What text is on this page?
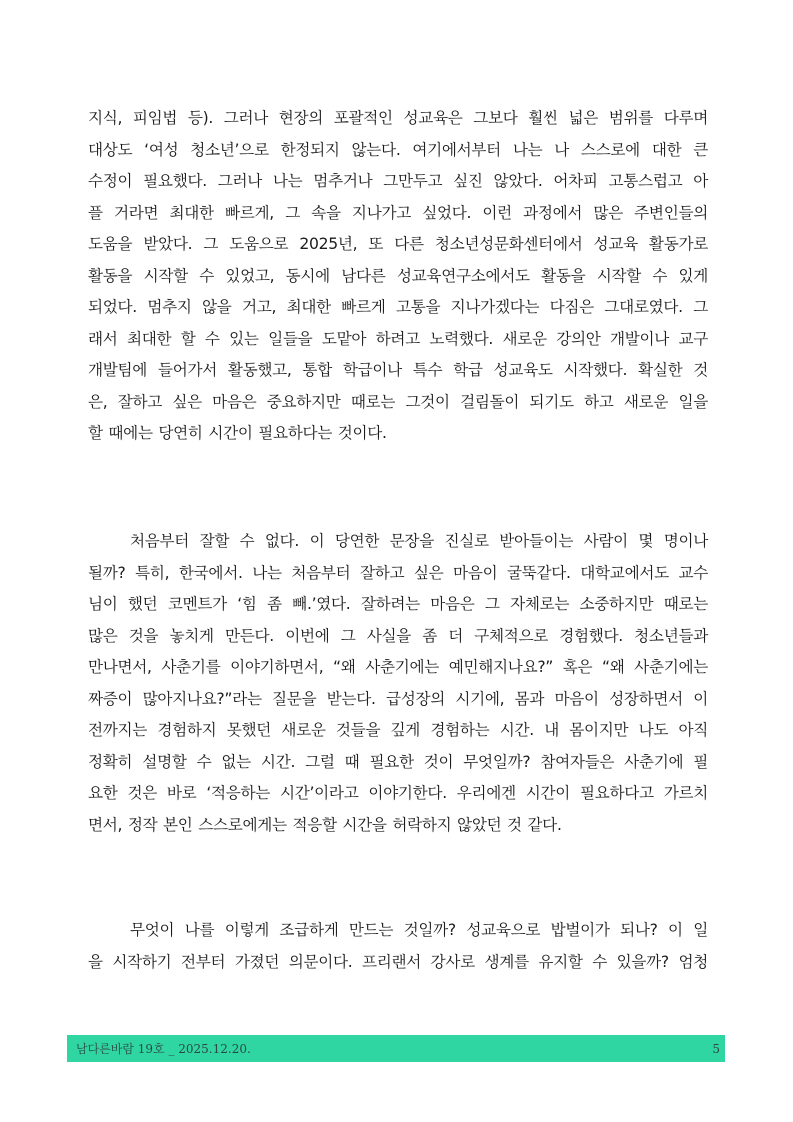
지식, 피임법 등). 그러나 현장의 포괄적인 성교육은 그보다 훨씬 넓은 범위를 다루며
대상도 ‘여성 청소년’으로 한정되지 않는다. 여기에서부터 나는 나 스스로에 대한 큰
수정이 필요했다. 그러나 나는 멈추거나 그만두고 싶진 않았다. 어차피 고통스럽고 아
플 거라면 최대한 빠르게, 그 속을 지나가고 싶었다. 이런 과정에서 많은 주변인들의
도움을 받았다. 그 도움으로 2025년, 또 다른 청소년성문화센터에서 성교육 활동가로
활동을 시작할 수 있었고, 동시에 남다른 성교육연구소에서도 활동을 시작할 수 있게
되었다. 멈추지 않을 거고, 최대한 빠르게 고통을 지나가겠다는 다짐은 그대로였다. 그
래서 최대한 할 수 있는 일들을 도맡아 하려고 노력했다. 새로운 강의안 개발이나 교구
개발팀에 들어가서 활동했고, 통합 학급이나 특수 학급 성교육도 시작했다. 확실한 것
은, 잘하고 싶은 마음은 중요하지만 때로는 그것이 걸림돌이 되기도 하고 새로운 일을
할 때에는 당연히 시간이 필요하다는 것이다.
처음부터 잘할 수 없다. 이 당연한 문장을 진실로 받아들이는 사람이 몇 명이나
될까? 특히, 한국에서. 나는 처음부터 잘하고 싶은 마음이 굴뚝같다. 대학교에서도 교수
님이 했던 코멘트가 ‘힘 좀 빼.’였다. 잘하려는 마음은 그 자체로는 소중하지만 때로는
많은 것을 놓치게 만든다. 이번에 그 사실을 좀 더 구체적으로 경험했다. 청소년들과
만나면서, 사춘기를 이야기하면서, “왜 사춘기에는 예민해지나요?” 혹은 “왜 사춘기에는
짜증이 많아지나요?”라는 질문을 받는다. 급성장의 시기에, 몸과 마음이 성장하면서 이
전까지는 경험하지 못했던 새로운 것들을 깊게 경험하는 시간. 내 몸이지만 나도 아직
정확히 설명할 수 없는 시간. 그럴 때 필요한 것이 무엇일까? 참여자들은 사춘기에 필
요한 것은 바로 ‘적응하는 시간’이라고 이야기한다. 우리에겐 시간이 필요하다고 가르치
면서, 정작 본인 스스로에게는 적응할 시간을 허락하지 않았던 것 같다.
무엇이 나를 이렇게 조급하게 만드는 것일까? 성교육으로 밥벌이가 되나? 이 일
을 시작하기 전부터 가졌던 의문이다. 프리랜서 강사로 생계를 유지할 수 있을까? 엄청
남다른바람 19호 _ 2025.12.20.	5
